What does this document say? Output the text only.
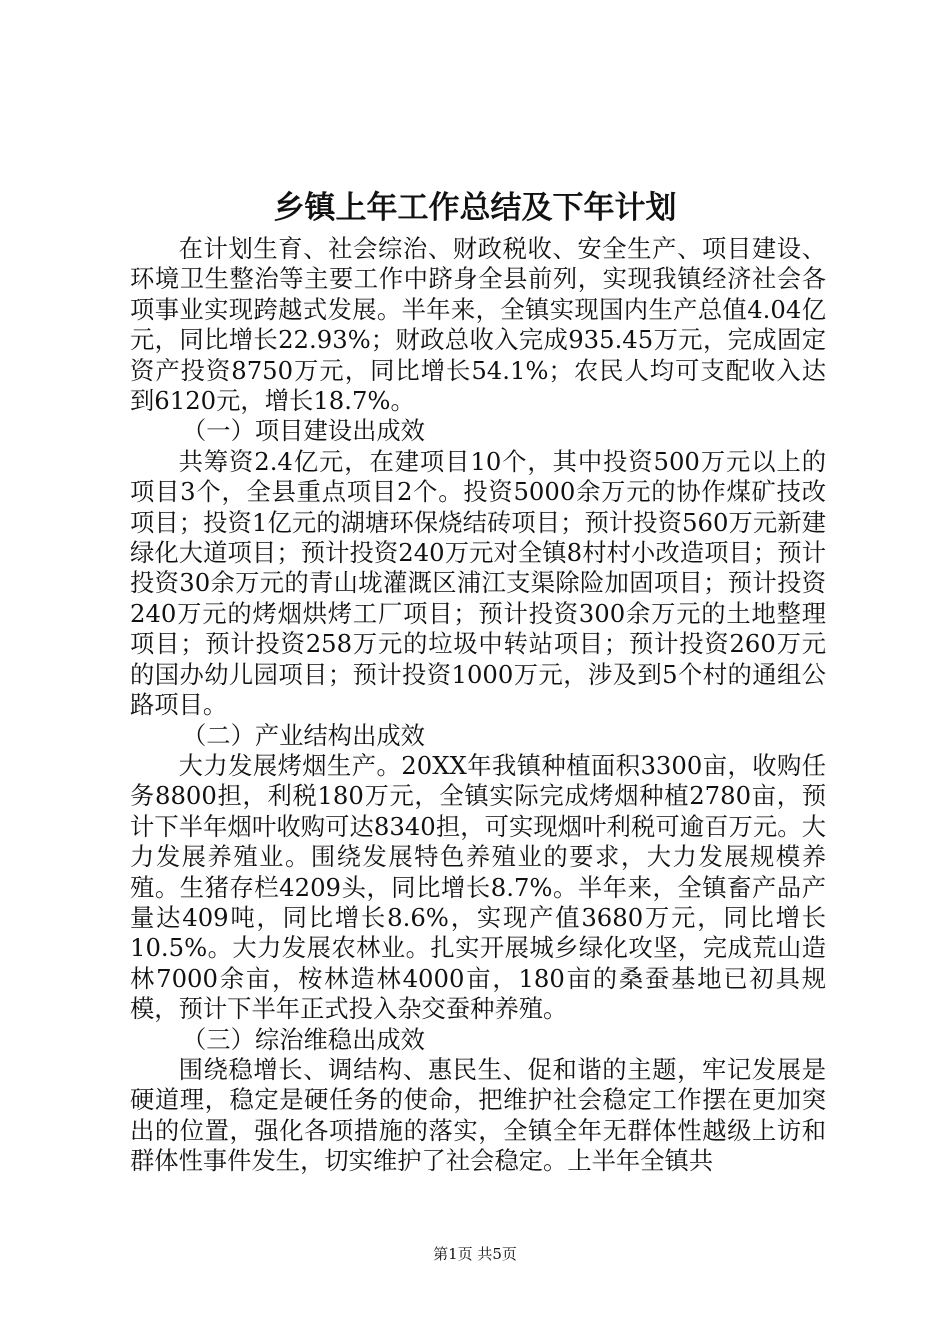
乡镇上年工作总结及下年计划

在计划生育、社会综治、财政税收、安全生产、项目建设、环境卫生整治等主要工作中跻身全县前列，实现我镇经济社会各项事业实现跨越式发展。半年来，全镇实现国内生产总值4.04亿元，同比增长22.93%；财政总收入完成935.45万元，完成固定资产投资8750万元，同比增长54.1%；农民人均可支配收入达到6120元，增长18.7%。

（一）项目建设出成效

共筹资2.4亿元，在建项目10个，其中投资500万元以上的项目3个，全县重点项目2个。投资5000余万元的协作煤矿技改项目；投资1亿元的湖塘环保烧结砖项目；预计投资560万元新建绿化大道项目；预计投资240万元对全镇8村村小改造项目；预计投资30余万元的青山垅灌溉区浦江支渠除险加固项目；预计投资240万元的烤烟烘烤工厂项目；预计投资300余万元的土地整理项目；预计投资258万元的垃圾中转站项目；预计投资260万元的国办幼儿园项目；预计投资1000万元，涉及到5个村的通组公路项目。

（二）产业结构出成效

大力发展烤烟生产。20XX年我镇种植面积3300亩，收购任务8800担，利税180万元，全镇实际完成烤烟种植2780亩，预计下半年烟叶收购可达8340担，可实现烟叶利税可逾百万元。大力发展养殖业。围绕发展特色养殖业的要求，大力发展规模养殖。生猪存栏4209头，同比增长8.7%。半年来，全镇畜产品产量达409吨，同比增长8.6%，实现产值3680万元，同比增长10.5%。大力发展农林业。扎实开展城乡绿化攻坚，完成荒山造林7000余亩，桉林造林4000亩，180亩的桑蚕基地已初具规模，预计下半年正式投入杂交蚕种养殖。

（三）综治维稳出成效

围绕稳增长、调结构、惠民生、促和谐的主题，牢记发展是硬道理，稳定是硬任务的使命，把维护社会稳定工作摆在更加突出的位置，强化各项措施的落实，全镇全年无群体性越级上访和群体性事件发生，切实维护了社会稳定。上半年全镇共

第1页 共5页
